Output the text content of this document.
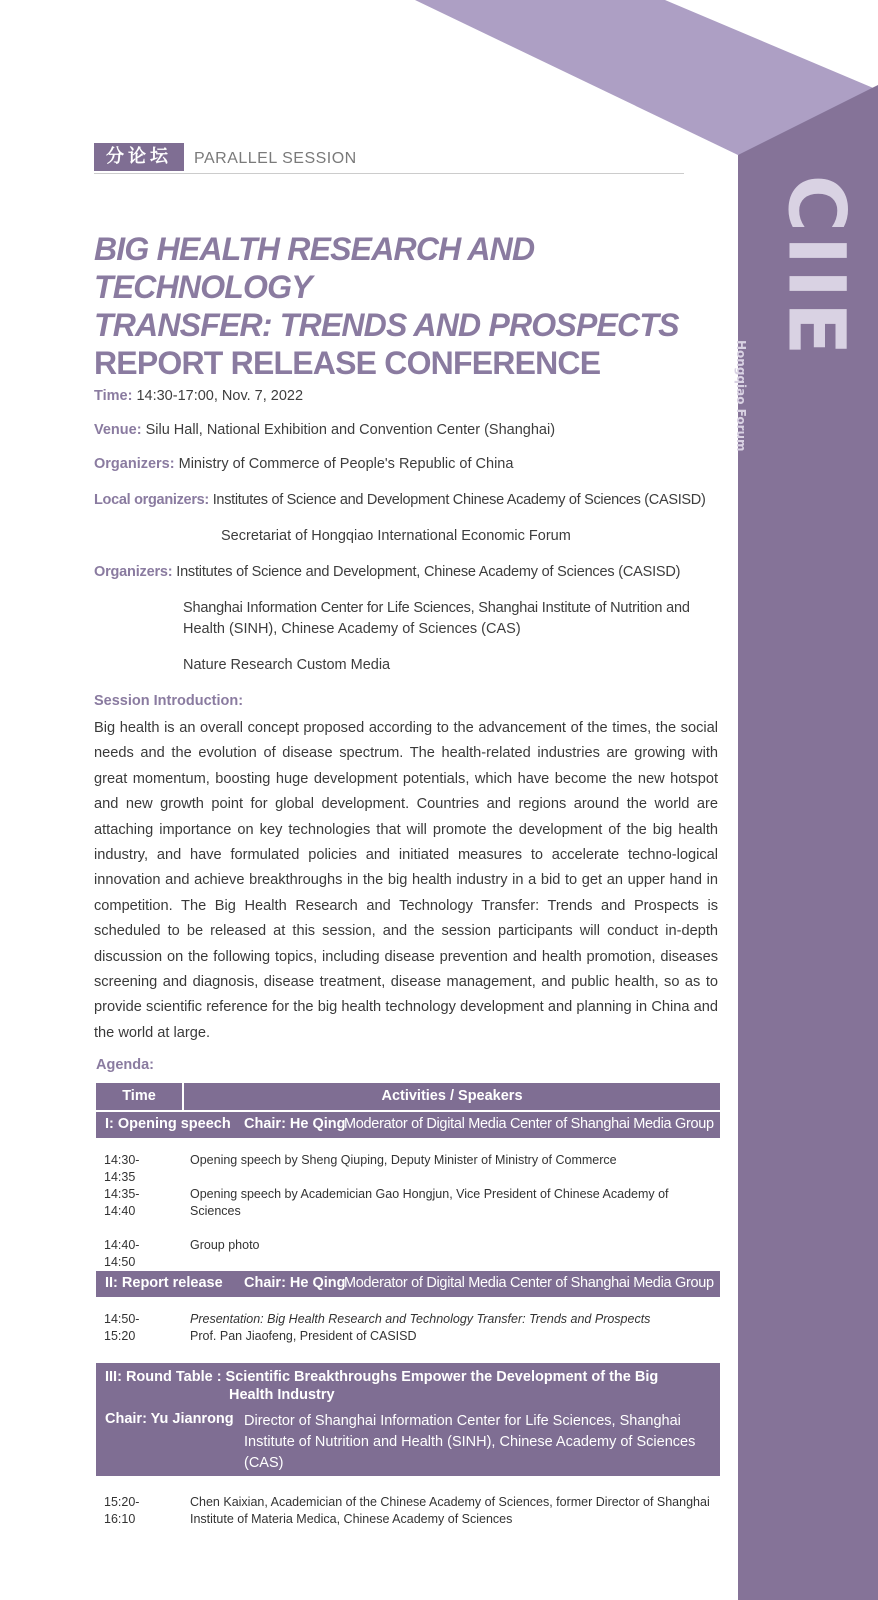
CIIE
Hongqiao Forum
分论坛	PARALLEL SESSION
BIG HEALTH RESEARCH AND TECHNOLOGY
TRANSFER: TRENDS AND PROSPECTS
REPORT RELEASE CONFERENCE
Time: 14:30-17:00, Nov. 7, 2022
Venue: Silu Hall, National Exhibition and Convention Center (Shanghai)
Organizers: Ministry of Commerce of People's Republic of China
Local organizers: Institutes of Science and Development Chinese Academy of Sciences (CASISD)
Secretariat of Hongqiao International Economic Forum
Organizers: Institutes of Science and Development, Chinese Academy of Sciences (CASISD)
Shanghai Information Center for Life Sciences, Shanghai Institute of Nutrition and
Health (SINH), Chinese Academy of Sciences (CAS)
Nature Research Custom Media
Session Introduction:
Big health is an overall concept proposed according to the advancement of the times, the social needs and the evolution of disease spectrum. The health-related industries are growing with great momentum, boosting huge development potentials, which have become the new hotspot and new growth point for global development. Countries and regions around the world are attaching importance on key technologies that will promote the development of the big health industry, and have formulated policies and initiated measures to accelerate techno-logical innovation and achieve breakthroughs in the big health industry in a bid to get an upper hand in competition. The Big Health Research and Technology Transfer: Trends and Prospects is scheduled to be released at this session, and the session participants will conduct in-depth discussion on the following topics, including disease prevention and health promotion, diseases screening and diagnosis, disease treatment, disease management, and public health, so as to provide scientific reference for the big health technology development and planning in China and the world at large.
Agenda:
Time	Activities / Speakers
I: Opening speech Chair: He Qing
Moderator of Digital Media Center of Shanghai Media Group
14:30-14:35
Opening speech by Sheng Qiuping, Deputy Minister of Ministry of Commerce
14:35-14:40
Opening speech by Academician Gao Hongjun, Vice President of Chinese Academy of Sciences
14:40-14:50
Group photo
II: Report release Chair: He Qing
Moderator of Digital Media Center of Shanghai Media Group
14:50-15:20
Presentation: Big Health Research and Technology Transfer: Trends and Prospects
Prof. Pan Jiaofeng, President of CASISD
III: Round Table : Scientific Breakthroughs Empower the Development of the Big
Health Industry
Chair: Yu Jianrong Director of Shanghai Information Center for Life Sciences, Shanghai Institute of Nutrition and Health (SINH), Chinese Academy of Sciences (CAS)
15:20-16:10
Chen Kaixian, Academician of the Chinese Academy of Sciences, former Director of Shanghai Institute of Materia Medica, Chinese Academy of Sciences
